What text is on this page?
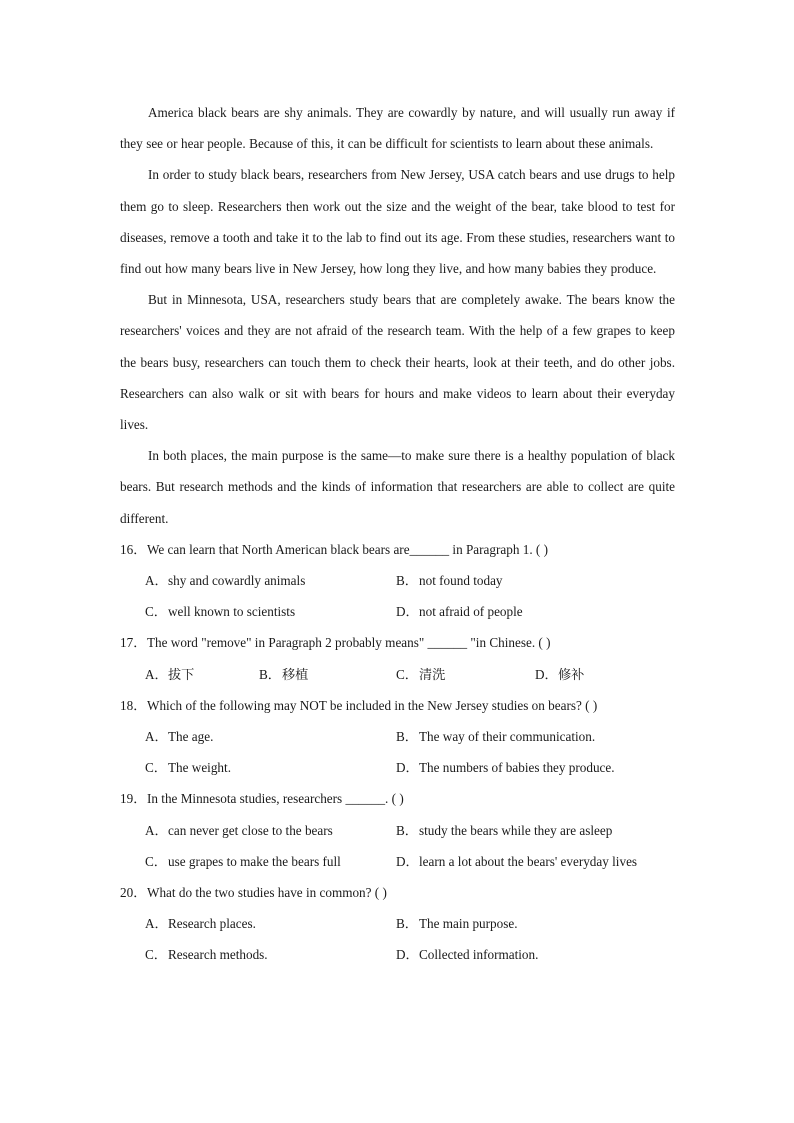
America black bears are shy animals. They are cowardly by nature, and will usually run away if they see or hear people. Because of this, it can be difficult for scientists to learn about these animals.

In order to study black bears, researchers from New Jersey, USA catch bears and use drugs to help them go to sleep. Researchers then work out the size and the weight of the bear, take blood to test for diseases, remove a tooth and take it to the lab to find out its age. From these studies, researchers want to find out how many bears live in New Jersey, how long they live, and how many babies they produce.

But in Minnesota, USA, researchers study bears that are completely awake. The bears know the researchers' voices and they are not afraid of the research team. With the help of a few grapes to keep the bears busy, researchers can touch them to check their hearts, look at their teeth, and do other jobs. Researchers can also walk or sit with bears for hours and make videos to learn about their everyday lives.

In both places, the main purpose is the same—to make sure there is a healthy population of black bears. But research methods and the kinds of information that researchers are able to collect are quite different.

16．We can learn that North American black bears are______ in Paragraph 1. ( )
A．shy and cowardly animals	B．not found today
C．well known to scientists	D．not afraid of people
17．The word "remove" in Paragraph 2 probably means" ______ "in Chinese. ( )
A．拔下	B．移植	C．清洗	D．修补
18．Which of the following may NOT be included in the New Jersey studies on bears? ( )
A．The age.	B．The way of their communication.
C．The weight.	D．The numbers of babies they produce.
19．In the Minnesota studies, researchers ______. ( )
A．can never get close to the bears	B．study the bears while they are asleep
C．use grapes to make the bears full	D．learn a lot about the bears' everyday lives
20．What do the two studies have in common? ( )
A．Research places.	B．The main purpose.
C．Research methods.	D．Collected information.
